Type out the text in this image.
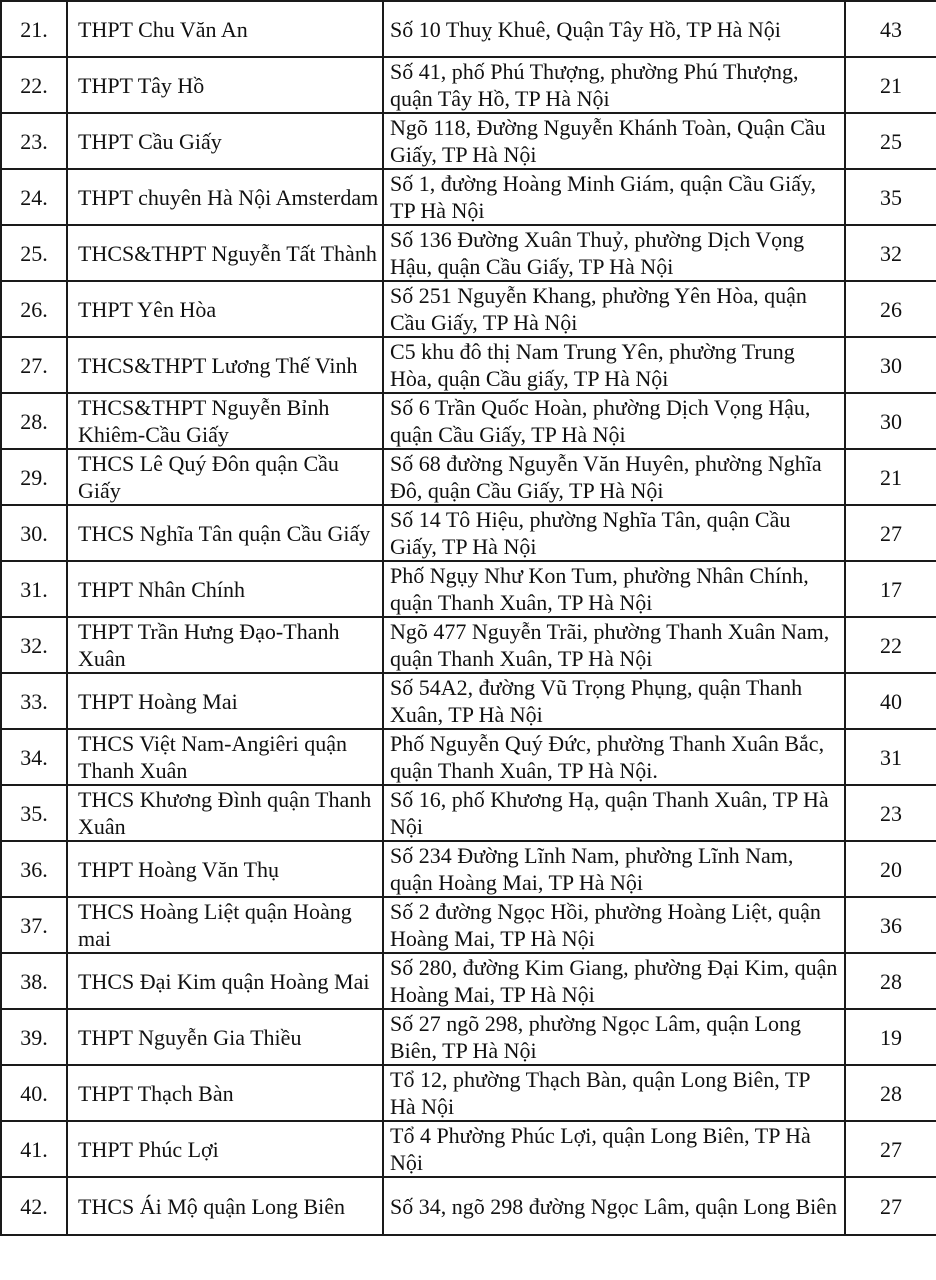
21.	THPT Chu Văn An	Số 10 Thuỵ Khuê, Quận Tây Hồ, TP Hà Nội	43

22.	THPT Tây Hồ	Số 41, phố Phú Thượng, phường Phú Thượng, quận Tây Hồ, TP Hà Nội	21

23.	THPT Cầu Giấy	Ngõ 118, Đường Nguyễn Khánh Toàn, Quận Cầu Giấy, TP Hà Nội	25

24.	THPT chuyên Hà Nội Amsterdam	Số 1, đường Hoàng Minh Giám, quận Cầu Giấy, TP Hà Nội	35

25.	THCS&THPT Nguyễn Tất Thành	Số 136 Đường Xuân Thuỷ, phường Dịch Vọng Hậu, quận Cầu Giấy, TP Hà Nội	32

26.	THPT Yên Hòa	Số 251 Nguyễn Khang, phường Yên Hòa, quận Cầu Giấy, TP Hà Nội	26

27.	THCS&THPT Lương Thế Vinh	C5 khu đô thị Nam Trung Yên, phường Trung Hòa, quận Cầu giấy, TP Hà Nội	30

28.	THCS&THPT Nguyễn Bỉnh Khiêm-Cầu Giấy	Số 6 Trần Quốc Hoàn, phường Dịch Vọng Hậu, quận Cầu Giấy, TP Hà Nội	30

29.	THCS Lê Quý Đôn quận Cầu Giấy	Số 68 đường Nguyễn Văn Huyên, phường Nghĩa Đô, quận Cầu Giấy, TP Hà Nội	21

30.	THCS Nghĩa Tân quận Cầu Giấy	Số 14 Tô Hiệu, phường Nghĩa Tân, quận Cầu Giấy, TP Hà Nội	27

31.	THPT Nhân Chính	Phố Ngụy Như Kon Tum, phường Nhân Chính, quận Thanh Xuân, TP Hà Nội	17

32.	THPT Trần Hưng Đạo-Thanh Xuân	Ngõ 477 Nguyễn Trãi, phường Thanh Xuân Nam, quận Thanh Xuân, TP Hà Nội	22

33.	THPT Hoàng Mai	Số 54A2, đường Vũ Trọng Phụng, quận Thanh Xuân, TP Hà Nội	40

34.	THCS Việt Nam-Angiêri quận Thanh Xuân	Phố Nguyễn Quý Đức, phường Thanh Xuân Bắc, quận Thanh Xuân, TP Hà Nội.	31

35.	THCS Khương Đình quận Thanh Xuân	Số 16, phố Khương Hạ, quận Thanh Xuân, TP Hà Nội	23

36.	THPT Hoàng Văn Thụ	Số 234 Đường Lĩnh Nam, phường Lĩnh Nam, quận Hoàng Mai, TP Hà Nội	20

37.	THCS Hoàng Liệt quận Hoàng mai	Số 2 đường Ngọc Hồi, phường Hoàng Liệt, quận Hoàng Mai, TP Hà Nội	36

38.	THCS Đại Kim quận Hoàng Mai	Số 280, đường Kim Giang, phường Đại Kim, quận Hoàng Mai, TP Hà Nội	28

39.	THPT Nguyễn Gia Thiều	Số 27 ngõ 298, phường Ngọc Lâm, quận Long Biên, TP Hà Nội	19

40.	THPT Thạch Bàn	Tổ 12, phường Thạch Bàn, quận Long Biên, TP Hà Nội	28

41.	THPT Phúc Lợi	Tổ 4 Phường Phúc Lợi, quận Long Biên, TP Hà Nội	27

42.	THCS Ái Mộ quận Long Biên	Số 34, ngõ 298 đường Ngọc Lâm, quận Long Biên	27
